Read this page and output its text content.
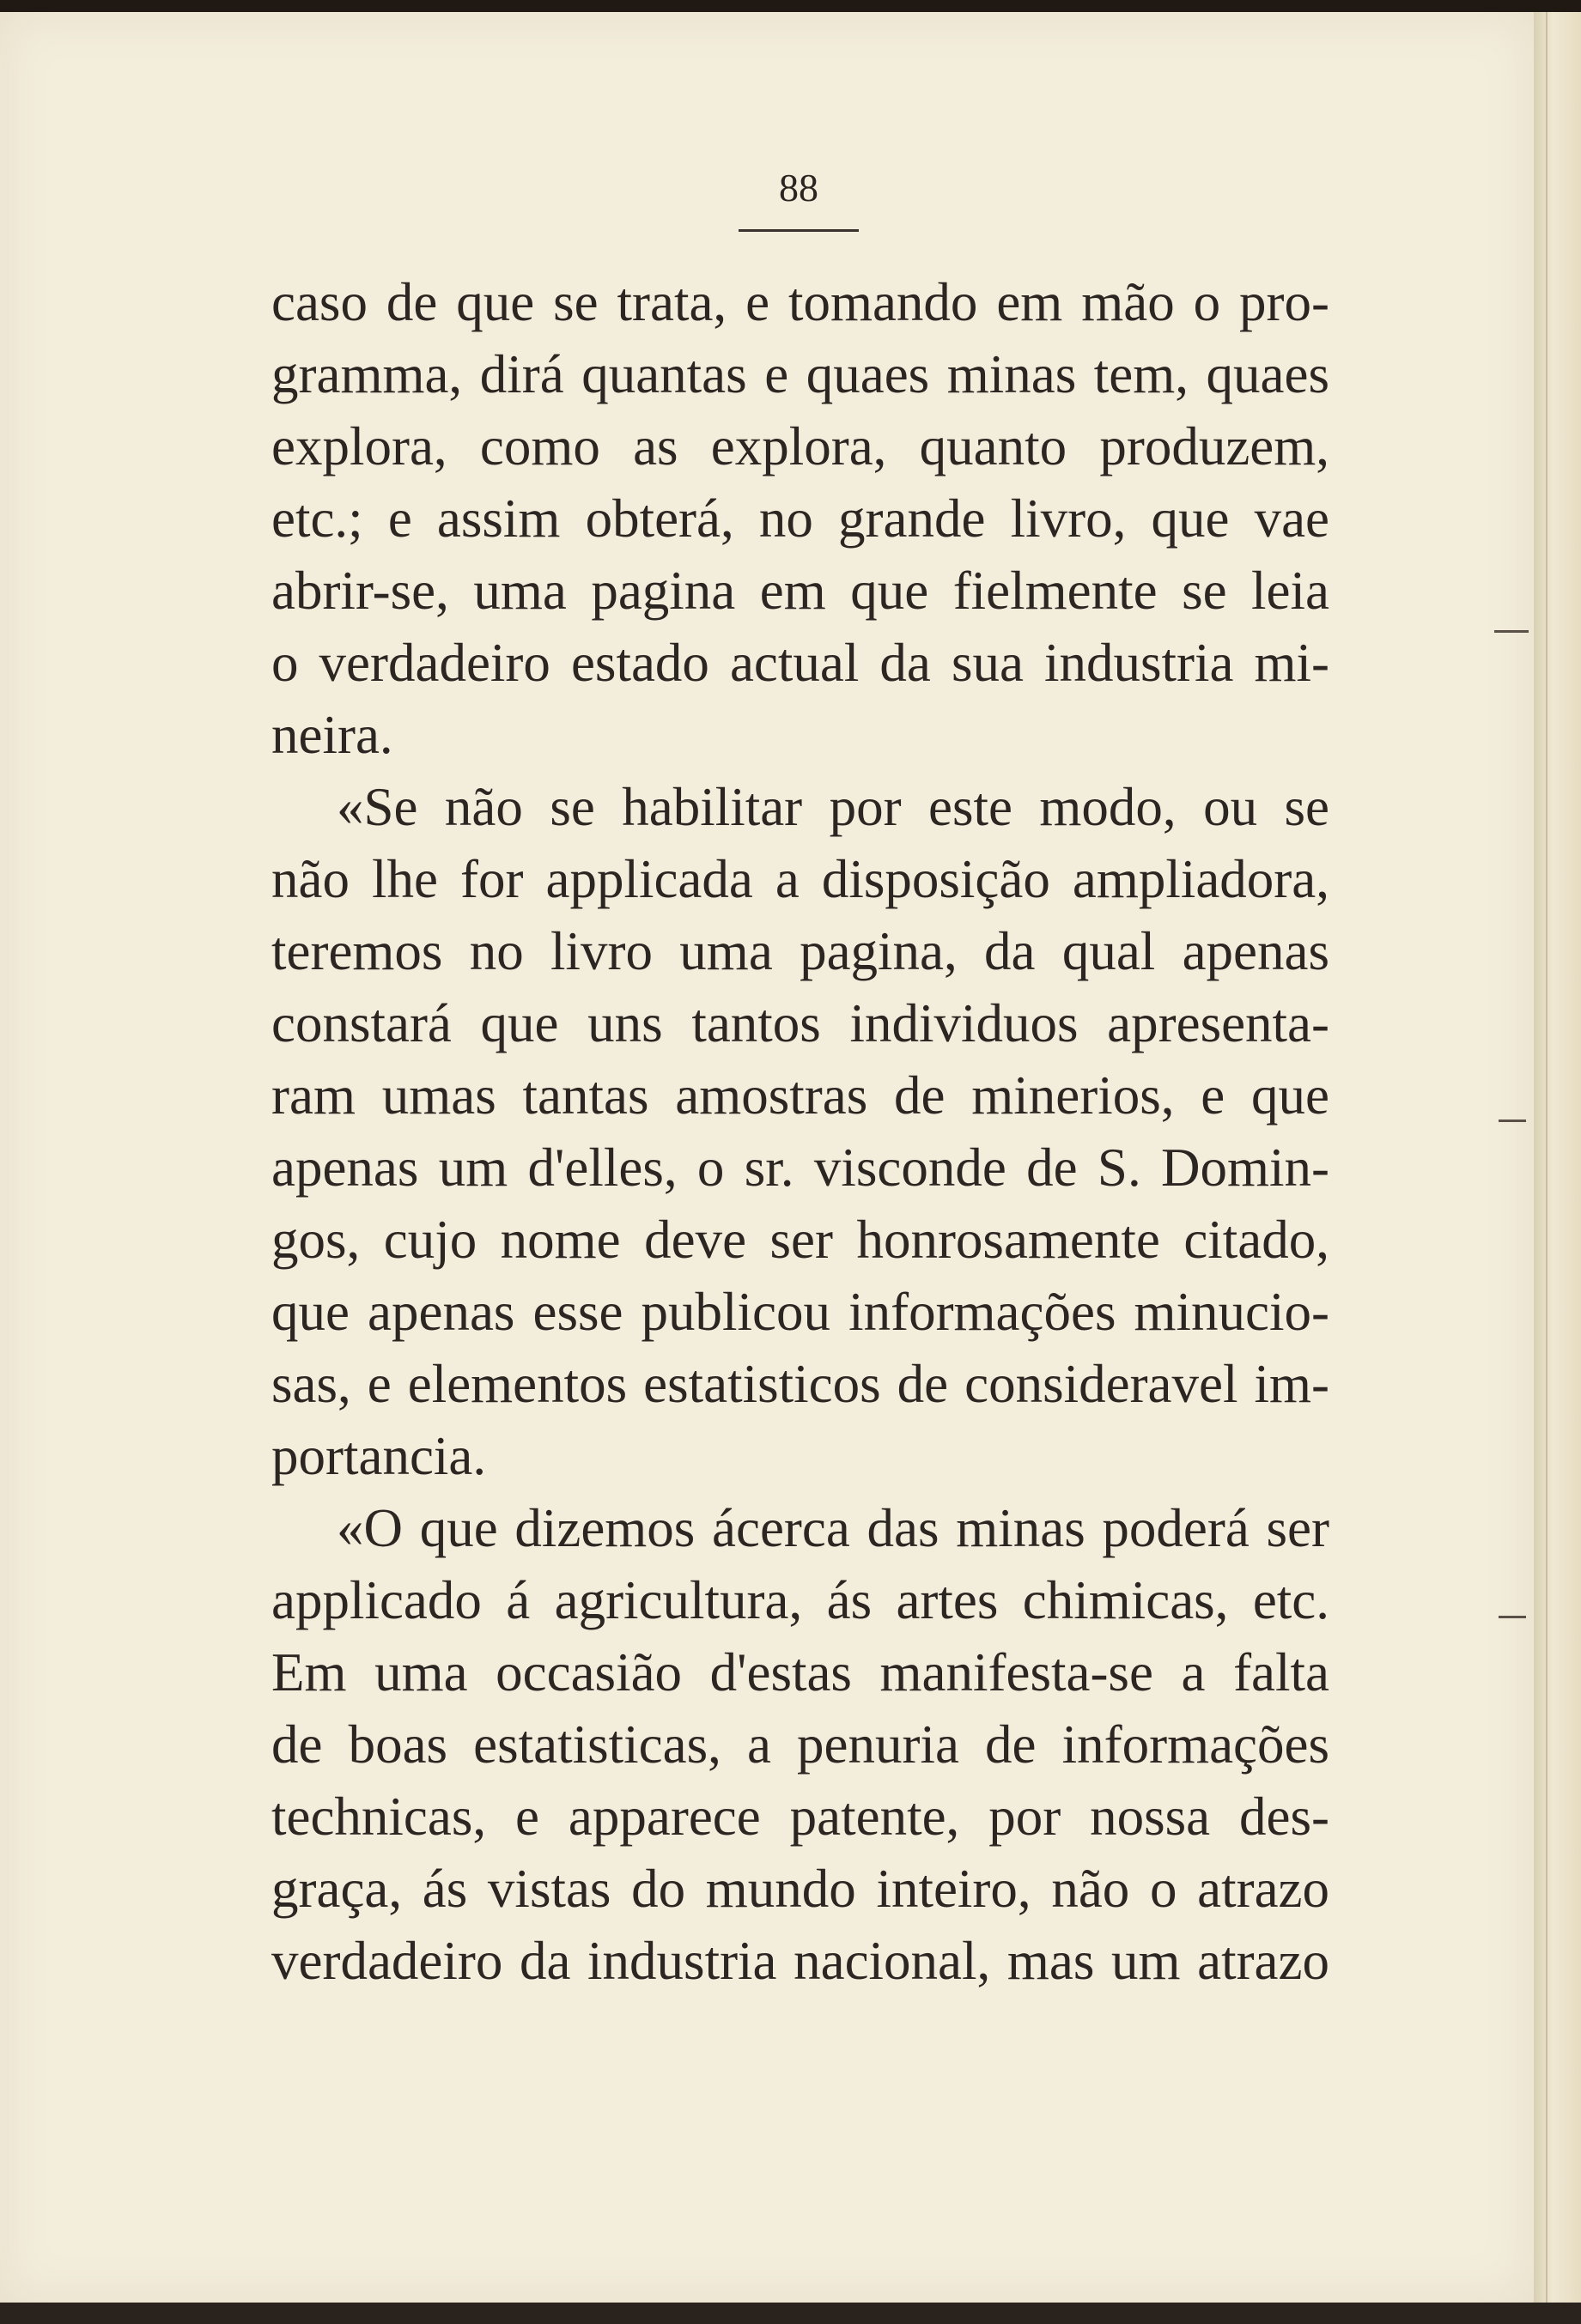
88
caso de que se trata, e tomando em mão o pro-
gramma, dirá quantas e quaes minas tem, quaes
explora, como as explora, quanto produzem,
etc.; e assim obterá, no grande livro, que vae
abrir-se, uma pagina em que fielmente se leia
o verdadeiro estado actual da sua industria mi-
neira.
«Se não se habilitar por este modo, ou se
não lhe for applicada a disposição ampliadora,
teremos no livro uma pagina, da qual apenas
constará que uns tantos individuos apresenta-
ram umas tantas amostras de minerios, e que
apenas um d'elles, o sr. visconde de S. Domin-
gos, cujo nome deve ser honrosamente citado,
que apenas esse publicou informações minucio-
sas, e elementos estatisticos de consideravel im-
portancia.
«O que dizemos ácerca das minas poderá ser
applicado á agricultura, ás artes chimicas, etc.
Em uma occasião d'estas manifesta-se a falta
de boas estatisticas, a penuria de informações
technicas, e apparece patente, por nossa des-
graça, ás vistas do mundo inteiro, não o atrazo
verdadeiro da industria nacional, mas um atrazo
